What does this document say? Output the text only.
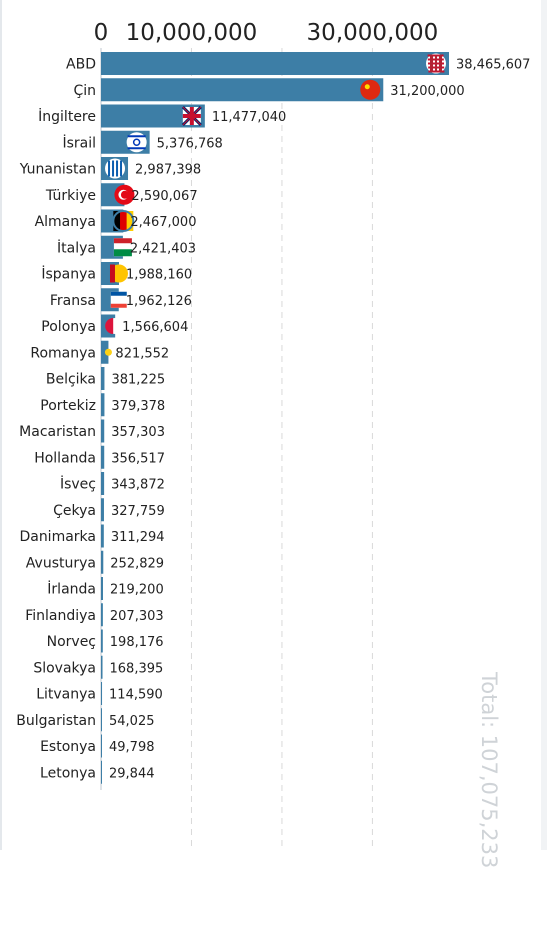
0 10,000,000 30,000,000
ABD	38,465,607
Çin	31,200,000
İngiltere	11,477,040
İsrail	5,376,768
Yunanistan	2,987,398
Türkiye	2,590,067
Almanya	2,467,000
İtalya	2,421,403
İspanya 1,988,160
Fransa 1,962,126
Polonya 1,566,604
Romanya 821,552
Belçika 381,225
Portekiz 379,378
Macaristan 357,303
Hollanda 356,517
İsveç 343,872
Çekya 327,759
Danimarka 311,294
Avusturya 252,829
İrlanda 219,200
Finlandiya 207,303
Norveç 198,176
Slovakya 168,395
Litvanya 114,590
Bulgaristan 54,025
Estonya 49,798
Letonya 29,844	Total: 107,075,233
